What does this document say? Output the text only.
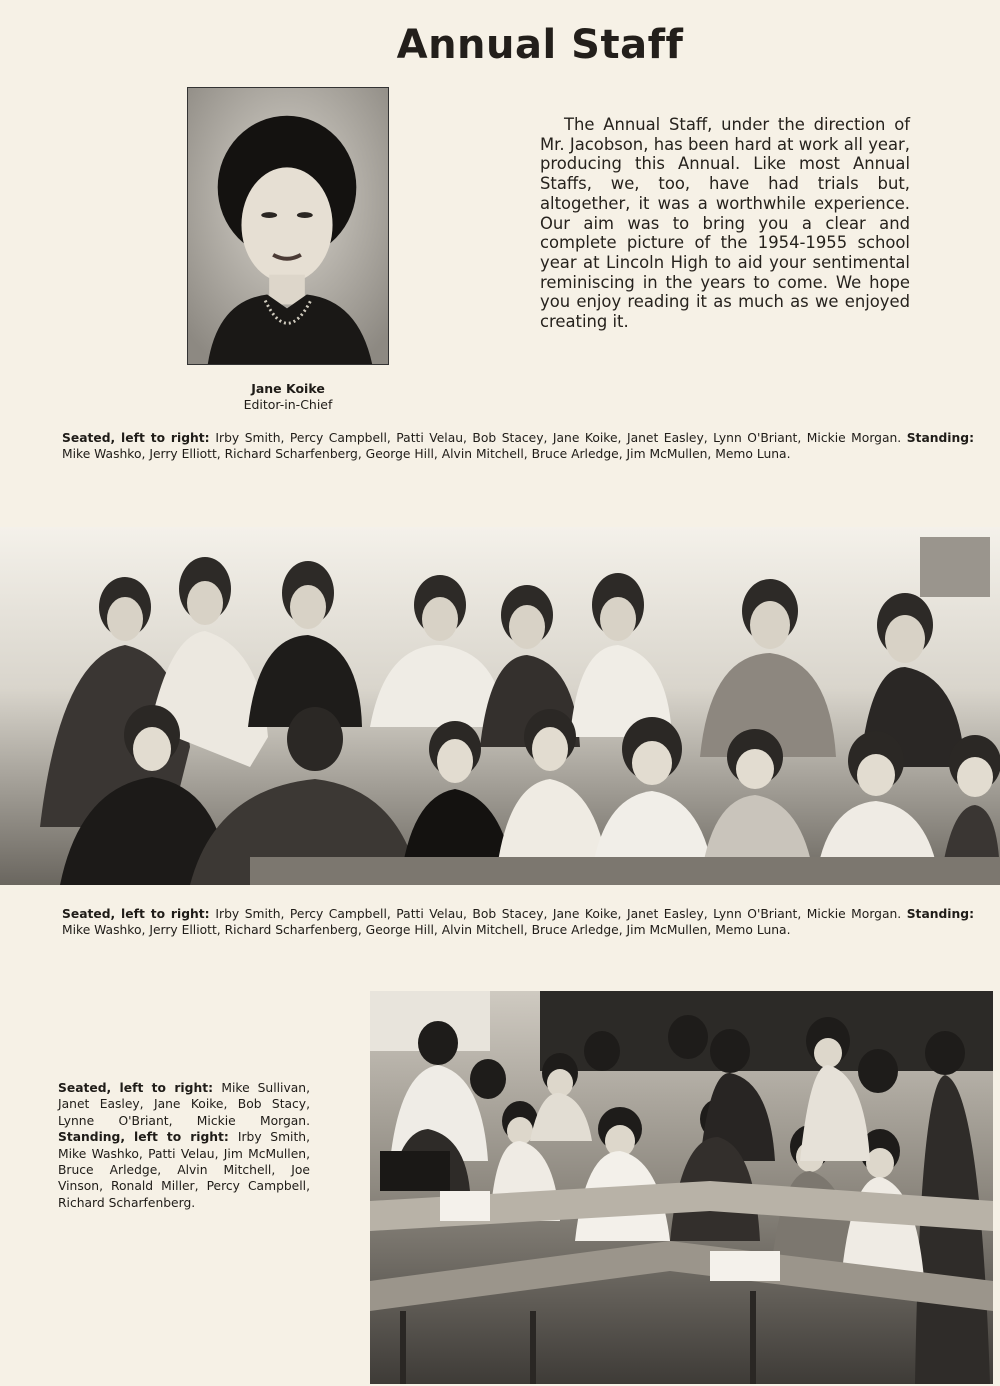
Annual Staff
Jane Koike
Editor-in-Chief
The Annual Staff, under the direction of Mr. Jacobson, has been hard at work all year, producing this Annual. Like most Annual Staffs, we, too, have had trials but, altogether, it was a worthwhile experience. Our aim was to bring you a clear and complete picture of the 1954-1955 school year at Lincoln High to aid your sentimental reminiscing in the years to come. We hope you enjoy reading it as much as we enjoyed creating it.
Seated, left to right: Irby Smith, Percy Campbell, Patti Velau, Bob Stacey, Jane Koike, Janet Easley, Lynn O'Briant, Mickie Morgan. Standing: Mike Washko, Jerry Elliott, Richard Scharfenberg, George Hill, Alvin Mitchell, Bruce Arledge, Jim McMullen, Memo Luna.
Seated, left to right: Irby Smith, Percy Campbell, Patti Velau, Bob Stacey, Jane Koike, Janet Easley, Lynn O'Briant, Mickie Morgan. Standing: Mike Washko, Jerry Elliott, Richard Scharfenberg, George Hill, Alvin Mitchell, Bruce Arledge, Jim McMullen, Memo Luna.
Seated, left to right: Mike Sullivan, Janet Easley, Jane Koike, Bob Stacy, Lynne O'Briant, Mickie Morgan. Standing, left to right: Irby Smith, Mike Washko, Patti Velau, Jim McMullen, Bruce Arledge, Alvin Mitchell, Joe Vinson, Ronald Miller, Percy Campbell, Richard Scharfenberg.
